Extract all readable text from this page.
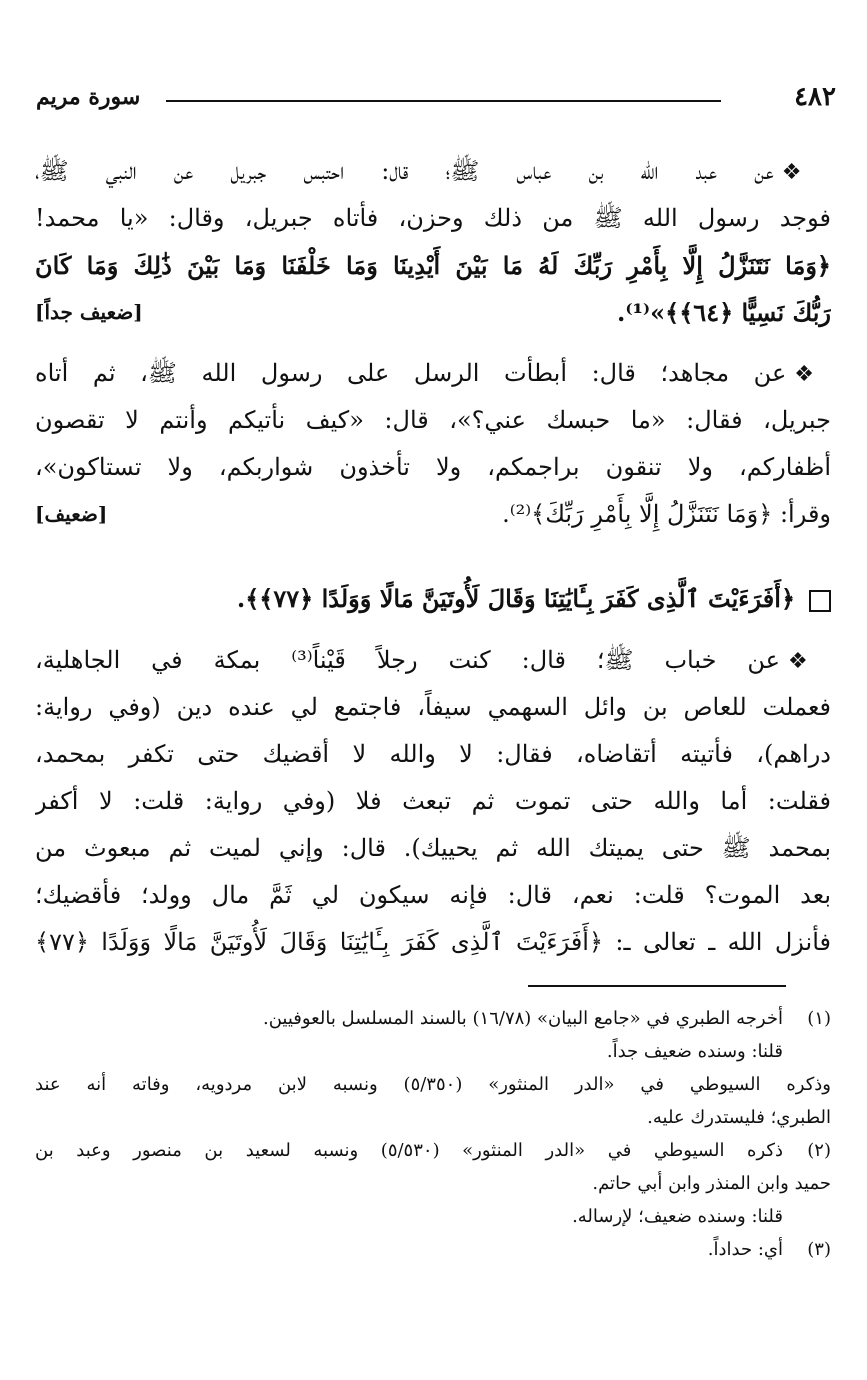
٤٨٢
سورة مريم
❖عن عبد الله بن عباس ﷺ؛ قال: احتبس جبريل عن النبي ﷺ،
فوجد رسول الله ﷺ من ذلك وحزن، فأتاه جبريل، وقال: «يا محمد!
﴿وَمَا نَتَنَزَّلُ إِلَّا بِأَمْرِ رَبِّكَ لَهُ مَا بَيْنَ أَيْدِينَا وَمَا خَلْفَنَا وَمَا بَيْنَ ذَٰلِكَ وَمَا كَانَ
رَبُّكَ نَسِيًّا ﴿٦٤﴾﴾»⁽¹⁾.
[ضعيف جداً]
❖عن مجاهد؛ قال: أبطأت الرسل على رسول الله ﷺ، ثم أتاه
جبريل، فقال: «ما حبسك عني؟»، قال: «كيف نأتيكم وأنتم لا تقصون
أظفاركم، ولا تنقون براجمكم، ولا تأخذون شواربكم، ولا تستاكون»،
وقرأ: ﴿وَمَا نَتَنَزَّلُ إِلَّا بِأَمْرِ رَبِّكَ﴾⁽²⁾.
[ضعيف]
﴿أَفَرَءَيْتَ ٱلَّذِى كَفَرَ بِـَٔايَٰتِنَا وَقَالَ لَأُوتَيَنَّ مَالًا وَوَلَدًا ﴿٧٧﴾﴾.
❖عن خباب ﷺ؛ قال: كنت رجلاً قَيْناً⁽³⁾ بمكة في الجاهلية،
فعملت للعاص بن وائل السهمي سيفاً، فاجتمع لي عنده دين (وفي رواية:
دراهم)، فأتيته أتقاضاه، فقال: لا والله لا أقضيك حتى تكفر بمحمد،
فقلت: أما والله حتى تموت ثم تبعث فلا (وفي رواية: قلت: لا أكفر
بمحمد ﷺ حتى يميتك الله ثم يحييك). قال: وإني لميت ثم مبعوث من
بعد الموت؟ قلت: نعم، قال: فإنه سيكون لي ثَمَّ مال وولد؛ فأقضيك؛
فأنزل الله ـ تعالى ـ: ﴿أَفَرَءَيْتَ ٱلَّذِى كَفَرَ بِـَٔايَٰتِنَا وَقَالَ لَأُوتَيَنَّ مَالًا وَوَلَدًا ﴿٧٧﴾
(١)
أخرجه الطبري في «جامع البيان» (١٦/٧٨) بالسند المسلسل بالعوفيين.
قلنا: وسنده ضعيف جداً.
وذكره السيوطي في «الدر المنثور» (٥/٣٥٠) ونسبه لابن مردويه، وفاته أنه عند
الطبري؛ فليستدرك عليه.
(٢)
ذكره السيوطي في «الدر المنثور» (٥/٥٣٠) ونسبه لسعيد بن منصور وعبد بن
حميد وابن المنذر وابن أبي حاتم.
قلنا: وسنده ضعيف؛ لإرساله.
(٣)
أي: حداداً.
